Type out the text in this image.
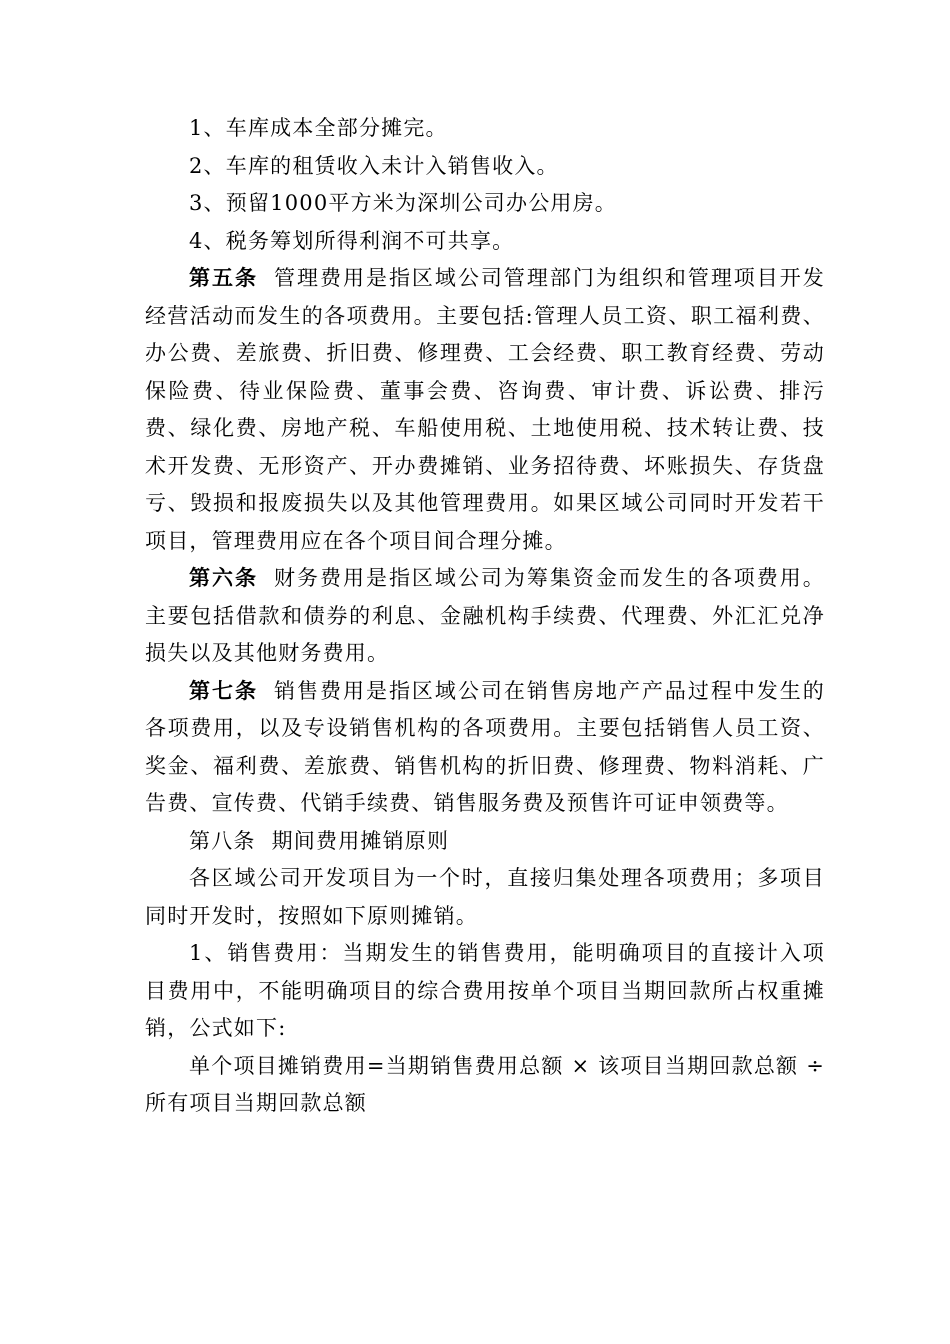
1、车库成本全部分摊完。

2、车库的租赁收入未计入销售收入。

3、预留1000平方米为深圳公司办公用房。

4、税务筹划所得利润不可共享。

第五条 管理费用是指区域公司管理部门为组织和管理项目开发经营活动而发生的各项费用。主要包括:管理人员工资、职工福利费、办公费、差旅费、折旧费、修理费、工会经费、职工教育经费、劳动保险费、待业保险费、董事会费、咨询费、审计费、诉讼费、排污费、绿化费、房地产税、车船使用税、土地使用税、技术转让费、技术开发费、无形资产、开办费摊销、业务招待费、坏账损失、存货盘亏、毁损和报废损失以及其他管理费用。如果区域公司同时开发若干项目，管理费用应在各个项目间合理分摊。

第六条 财务费用是指区域公司为筹集资金而发生的各项费用。主要包括借款和债券的利息、金融机构手续费、代理费、外汇汇兑净损失以及其他财务费用。

第七条 销售费用是指区域公司在销售房地产产品过程中发生的各项费用，以及专设销售机构的各项费用。主要包括销售人员工资、奖金、福利费、差旅费、销售机构的折旧费、修理费、物料消耗、广告费、宣传费、代销手续费、销售服务费及预售许可证申领费等。

第八条 期间费用摊销原则

各区域公司开发项目为一个时，直接归集处理各项费用；多项目同时开发时，按照如下原则摊销。

1、销售费用：当期发生的销售费用，能明确项目的直接计入项目费用中，不能明确项目的综合费用按单个项目当期回款所占权重摊销，公式如下:

单个项目摊销费用=当期销售费用总额 × 该项目当期回款总额 ÷ 所有项目当期回款总额
